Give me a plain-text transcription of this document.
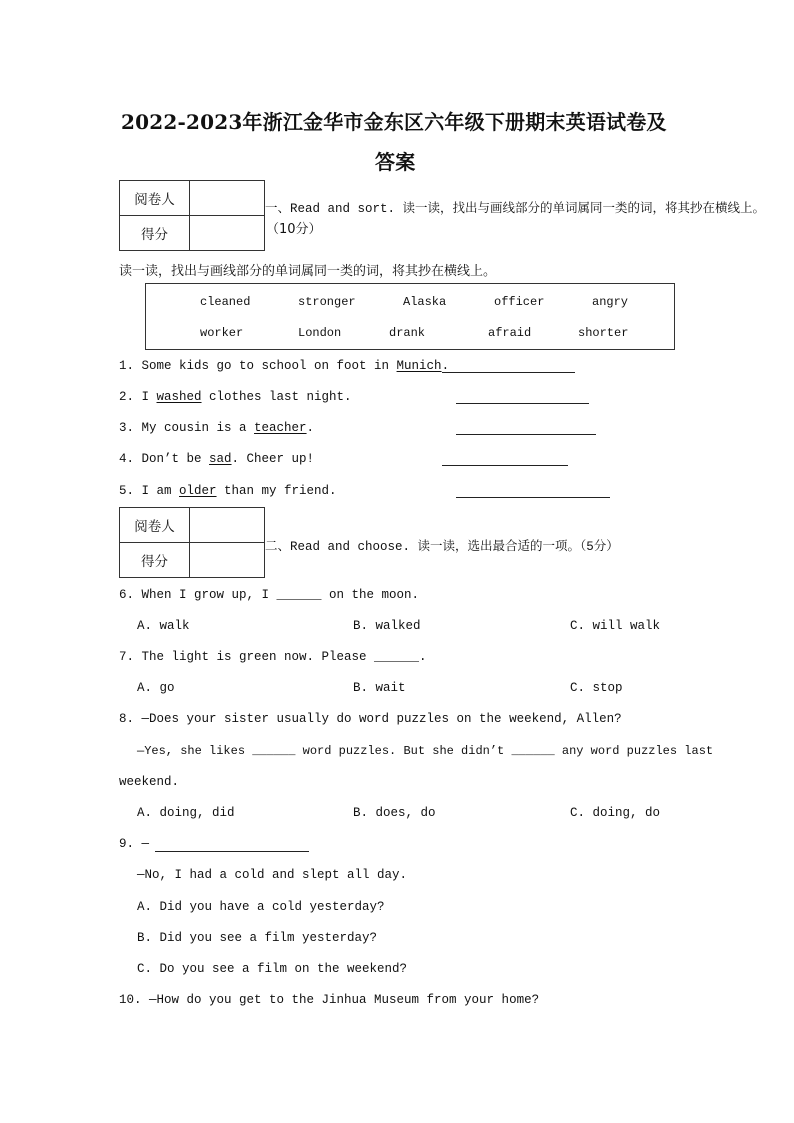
2022-2023年浙江金华市金东区六年级下册期末英语试卷及
答案
阅卷人	
得分	
一、Read and sort. 读一读，找出与画线部分的单词属同一类的词，将其抄在横线上。
（10分）
读一读，找出与画线部分的单词属同一类的词，将其抄在横线上。
cleaned	stronger	Alaska	officer	angry
worker	London	drank	afraid	shorter
1. Some kids go to school on foot in Munich.
2. I washed clothes last night.
3. My cousin is a teacher.
4. Don’t be sad. Cheer up!
5. I am older than my friend.
阅卷人	
得分	
二、Read and choose. 读一读，选出最合适的一项。（5分）
6. When I grow up, I ______ on the moon.
A. walk	B. walked	C. will walk
7. The light is green now. Please ______.
A. go	B. wait	C. stop
8. —Does your sister usually do word puzzles on the weekend, Allen?
—Yes, she likes ______ word puzzles. But she didn’t ______ any word puzzles last
weekend.
A. doing, did	B. does, do	C. doing, do
9. —
—No, I had a cold and slept all day.
A. Did you have a cold yesterday?
B. Did you see a film yesterday?
C. Do you see a film on the weekend?
10. —How do you get to the Jinhua Museum from your home?
